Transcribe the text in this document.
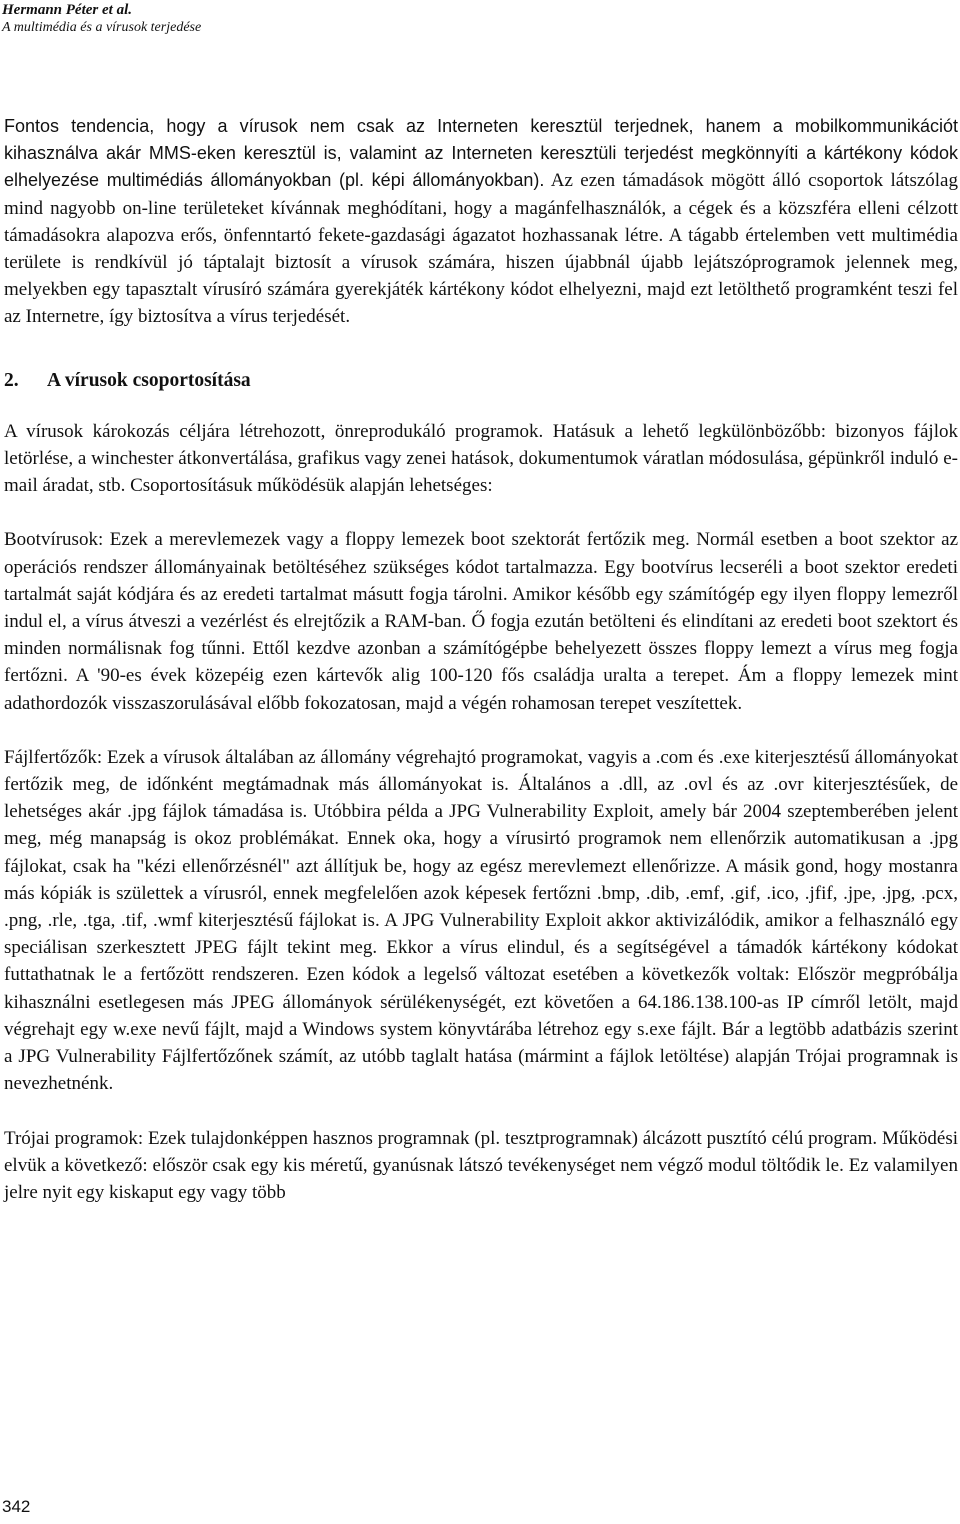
Hermann Péter et al.
A multimédia és a vírusok terjedése

Fontos tendencia, hogy a vírusok nem csak az Interneten keresztül terjednek, hanem a mobilkommunikációt kihasználva akár MMS-eken keresztül is, valamint az Interneten keresztüli terjedést megkönnyíti a kártékony kódok elhelyezése multimédiás állományokban (pl. képi állományokban). Az ezen támadások mögött álló csoportok látszólag mind nagyobb on-line területeket kívánnak meghódítani, hogy a magánfelhasználók, a cégek és a közszféra elleni célzott támadásokra alapozva erős, önfenntartó fekete-gazdasági ágazatot hozhassanak létre. A tágabb értelemben vett multimédia területe is rendkívül jó táptalajt biztosít a vírusok számára, hiszen újabbnál újabb lejátszóprogramok jelennek meg, melyekben egy tapasztalt vírusíró számára gyerekjáték kártékony kódot elhelyezni, majd ezt letölthető programként teszi fel az Internetre, így biztosítva a vírus terjedését.

2. A vírusok csoportosítása

A vírusok károkozás céljára létrehozott, önreprodukáló programok. Hatásuk a lehető legkülönbözőbb: bizonyos fájlok letörlése, a winchester átkonvertálása, grafikus vagy zenei hatások, dokumentumok váratlan módosulása, gépünkről induló e-mail áradat, stb. Csoportosításuk működésük alapján lehetséges:

Bootvírusok: Ezek a merevlemezek vagy a floppy lemezek boot szektorát fertőzik meg. Normál esetben a boot szektor az operációs rendszer állományainak betöltéséhez szükséges kódot tartalmazza. Egy bootvírus lecseréli a boot szektor eredeti tartalmát saját kódjára és az eredeti tartalmat másutt fogja tárolni. Amikor később egy számítógép egy ilyen floppy lemezről indul el, a vírus átveszi a vezérlést és elrejtőzik a RAM-ban. Ő fogja ezután betölteni és elindítani az eredeti boot szektort és minden normálisnak fog tűnni. Ettől kezdve azonban a számítógépbe behelyezett összes floppy lemezt a vírus meg fogja fertőzni. A '90-es évek közepéig ezen kártevők alig 100-120 fős családja uralta a terepet. Ám a floppy lemezek mint adathordozók visszaszorulásával előbb fokozatosan, majd a végén rohamosan terepet veszítettek.

Fájlfertőzők: Ezek a vírusok általában az állomány végrehajtó programokat, vagyis a .com és .exe kiterjesztésű állományokat fertőzik meg, de időnként megtámadnak más állományokat is. Általános a .dll, az .ovl és az .ovr kiterjesztésűek, de lehetséges akár .jpg fájlok támadása is. Utóbbira példa a JPG Vulnerability Exploit, amely bár 2004 szeptemberében jelent meg, még manapság is okoz problémákat. Ennek oka, hogy a vírusirtó programok nem ellenőrzik automatikusan a .jpg fájlokat, csak ha "kézi ellenőrzésnél" azt állítjuk be, hogy az egész merevlemezt ellenőrizze. A másik gond, hogy mostanra más kópiák is születtek a vírusról, ennek megfelelően azok képesek fertőzni .bmp, .dib, .emf, .gif, .ico, .jfif, .jpe, .jpg, .pcx, .png, .rle, .tga, .tif, .wmf kiterjesztésű fájlokat is. A JPG Vulnerability Exploit akkor aktivizálódik, amikor a felhasználó egy speciálisan szerkesztett JPEG fájlt tekint meg. Ekkor a vírus elindul, és a segítségével a támadók kártékony kódokat futtathatnak le a fertőzött rendszeren. Ezen kódok a legelső változat esetében a következők voltak: Először megpróbálja kihasználni esetlegesen más JPEG állományok sérülékenységét, ezt követően a 64.186.138.100-as IP címről letölt, majd végrehajt egy w.exe nevű fájlt, majd a Windows system könyvtárába létrehoz egy s.exe fájlt. Bár a legtöbb adatbázis szerint a JPG Vulnerability Fájlfertőzőnek számít, az utóbb taglalt hatása (mármint a fájlok letöltése) alapján Trójai programnak is nevezhetnénk.

Trójai programok: Ezek tulajdonképpen hasznos programnak (pl. tesztprogramnak) álcázott pusztító célú program. Működési elvük a következő: először csak egy kis méretű, gyanúsnak látszó tevékenységet nem végző modul töltődik le. Ez valamilyen jelre nyit egy kiskaput egy vagy több

342
